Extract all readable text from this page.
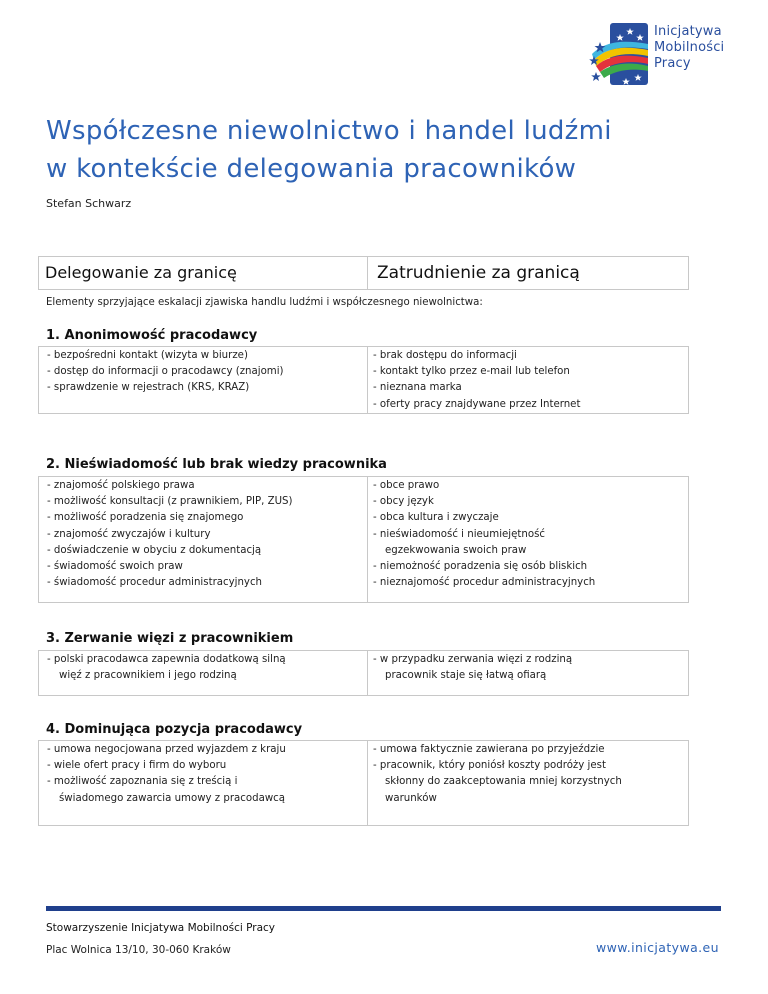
Inicjatywa
Mobilności
Pracy
Współczesne niewolnictwo i handel ludźmi
w kontekście delegowania pracowników
Stefan Schwarz
Delegowanie za granicę	Zatrudnienie za granicą
Elementy sprzyjające eskalacji zjawiska handlu ludźmi i współczesnego niewolnictwa:
1. Anonimowość pracodawcy
- bezpośredni kontakt (wizyta w biurze)
- dostęp do informacji o pracodawcy (znajomi)
- sprawdzenie w rejestrach (KRS, KRAZ)
- brak dostępu do informacji
- kontakt tylko przez e-mail lub telefon
- nieznana marka
- oferty pracy znajdywane przez Internet
2. Nieświadomość lub brak wiedzy pracownika
- znajomość polskiego prawa
- możliwość konsultacji (z prawnikiem, PIP, ZUS)
- możliwość poradzenia się znajomego
- znajomość zwyczajów i kultury
- doświadczenie w obyciu z dokumentacją
- świadomość swoich praw
- świadomość procedur administracyjnych
- obce prawo
- obcy język
- obca kultura i zwyczaje
- nieświadomość i nieumiejętność
egzekwowania swoich praw
- niemożność poradzenia się osób bliskich
- nieznajomość procedur administracyjnych
3. Zerwanie więzi z pracownikiem
- polski pracodawca zapewnia dodatkową silną
więź z pracownikiem i jego rodziną
- w przypadku zerwania więzi z rodziną
pracownik staje się łatwą ofiarą
4. Dominująca pozycja pracodawcy
- umowa negocjowana przed wyjazdem z kraju
- wiele ofert pracy i firm do wyboru
- możliwość zapoznania się z treścią i
świadomego zawarcia umowy z pracodawcą
- umowa faktycznie zawierana po przyjeździe
- pracownik, który poniósł koszty podróży jest
skłonny do zaakceptowania mniej korzystnych
warunków
Stowarzyszenie Inicjatywa Mobilności Pracy
Plac Wolnica 13/10, 30-060 Kraków	www.inicjatywa.eu
